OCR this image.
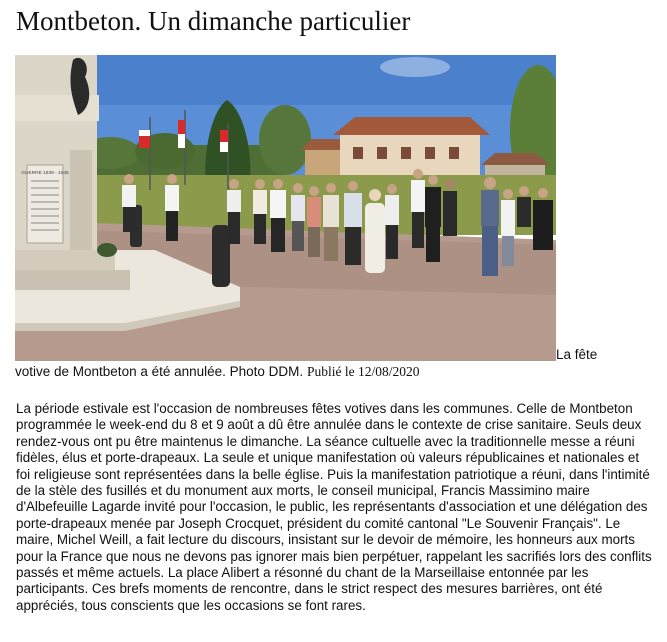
Montbeton. Un dimanche particulier
GUERRE 1939 - 1945
La fête
votive de Montbeton a été annulée. Photo DDM. Publié le 12/08/2020

La période estivale est l'occasion de nombreuses fêtes votives dans les communes. Celle de Montbeton programmée le week-end du 8 et 9 août a dû être annulée dans le contexte de crise sanitaire. Seuls deux rendez-vous ont pu être maintenus le dimanche. La séance cultuelle avec la traditionnelle messe a réuni fidèles, élus et porte-drapeaux. La seule et unique manifestation où valeurs républicaines et nationales et foi religieuse sont représentées dans la belle église. Puis la manifestation patriotique a réuni, dans l'intimité de la stèle des fusillés et du monument aux morts, le conseil municipal, Francis Massimino maire d'Albefeuille Lagarde invité pour l'occasion, le public, les représentants d'association et une délégation des porte-drapeaux menée par Joseph Crocquet, président du comité cantonal "Le Souvenir Français". Le maire, Michel Weill, a fait lecture du discours, insistant sur le devoir de mémoire, les honneurs aux morts pour la France que nous ne devons pas ignorer mais bien perpétuer, rappelant les sacrifiés lors des conflits passés et même actuels. La place Alibert a résonné du chant de la Marseillaise entonnée par les participants. Ces brefs moments de rencontre, dans le strict respect des mesures barrières, ont été appréciés, tous conscients que les occasions se font rares.
